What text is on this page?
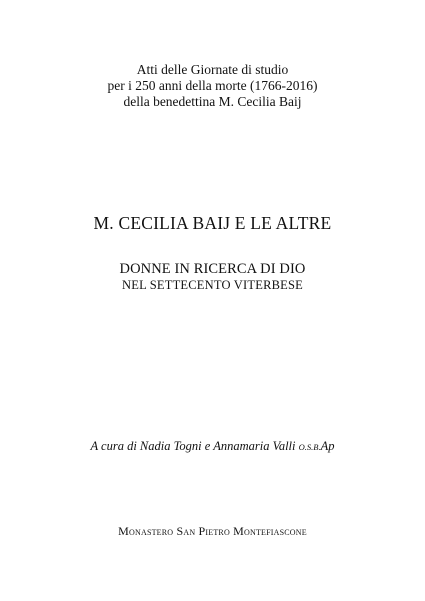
Atti delle Giornate di studio
per i 250 anni della morte (1766-2016)
della benedettina M. Cecilia Baij
M. CECILIA BAIJ E LE ALTRE
DONNE IN RICERCA DI DIO
NEL SETTECENTO VITERBESE
A cura di Nadia Togni e Annamaria Valli O.S.B.Ap
Monastero San Pietro Montefiascone
